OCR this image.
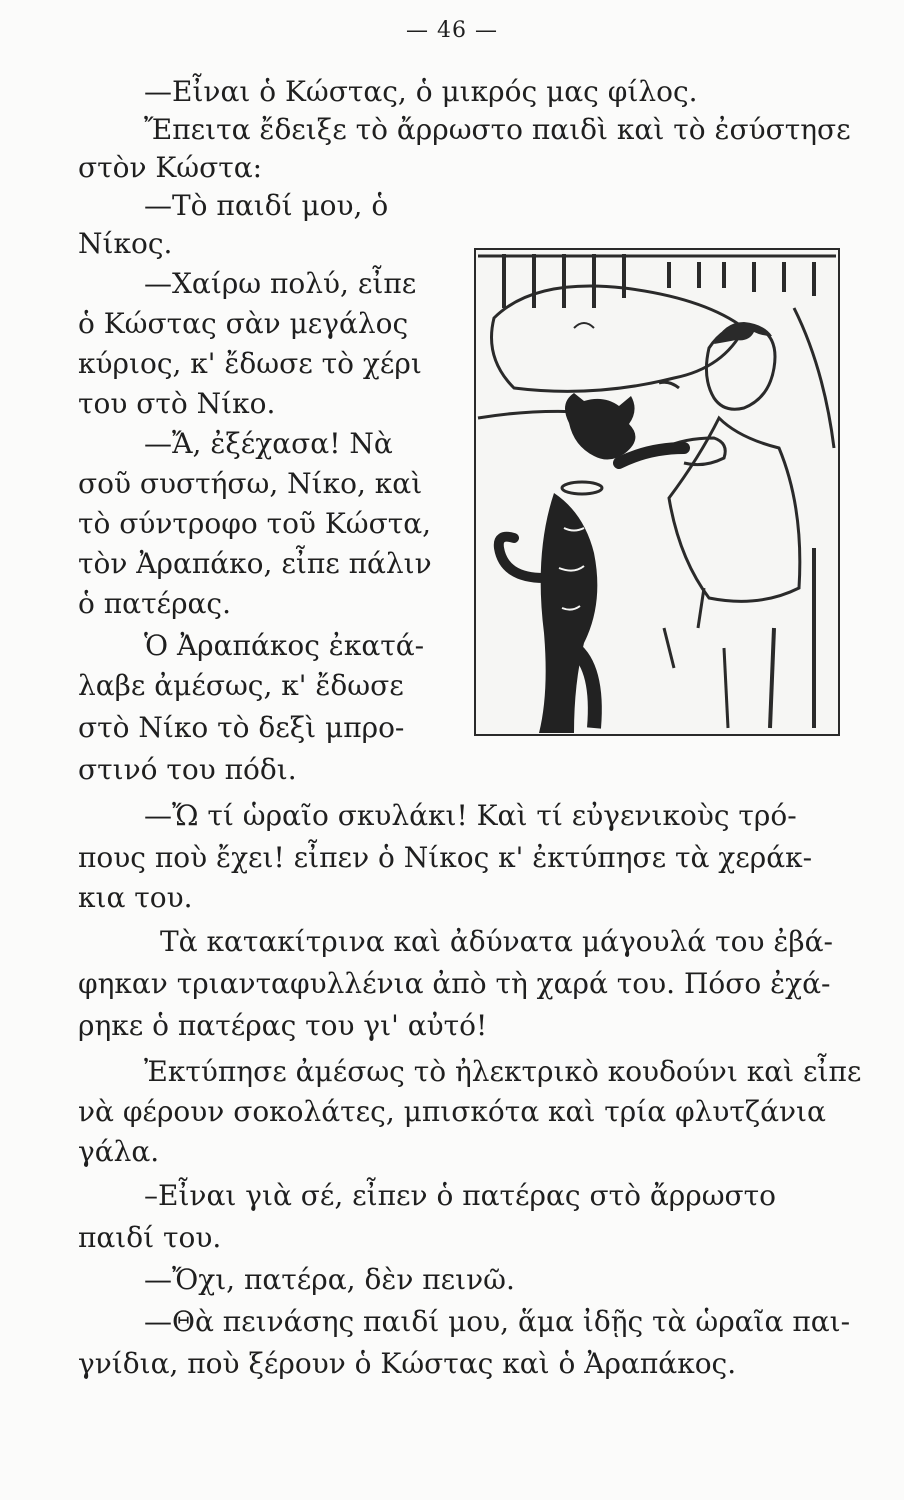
— 46 —
—Εἶναι ὁ Κώστας, ὁ μικρός μας φίλος.
Ἔπειτα ἔδειξε τὸ ἄρρωστο παιδὶ καὶ τὸ ἐσύστησε
στὸν Κώστα:
—Τὸ παιδί μου, ὁ
Νίκος.
—Χαίρω πολύ, εἶπε
ὁ Κώστας σὰν μεγάλος
κύριος, κ' ἔδωσε τὸ χέρι
του στὸ Νίκο.
—Ἄ, ἐξέχασα! Νὰ
σοῦ συστήσω, Νίκο, καὶ
τὸ σύντροφο τοῦ Κώστα,
τὸν Ἀραπάκο, εἶπε πάλιν
ὁ πατέρας.
Ὁ Ἀραπάκος ἐκατά-
λαβε ἀμέσως, κ' ἔδωσε
στὸ Νίκο τὸ δεξὶ μπρο-
στινό του πόδι.
—Ὤ τί ὡραῖο σκυλάκι! Καὶ τί εὐγενικοὺς τρό-
πους ποὺ ἔχει! εἶπεν ὁ Νίκος κ' ἐκτύπησε τὰ χεράκ-
κια του.
Τὰ κατακίτρινα καὶ ἀδύνατα μάγουλά του ἐβά-
φηκαν τριανταφυλλένια ἀπὸ τὴ χαρά του. Πόσο ἐχά-
ρηκε ὁ πατέρας του γι' αὐτό!
Ἐκτύπησε ἀμέσως τὸ ἠλεκτρικὸ κουδούνι καὶ εἶπε
νὰ φέρουν σοκολάτες, μπισκότα καὶ τρία φλυτζάνια
γάλα.
–Εἶναι γιὰ σέ, εἶπεν ὁ πατέρας στὸ ἄρρωστο
παιδί του.
—Ὄχι, πατέρα, δὲν πεινῶ.
—Θὰ πεινάσης παιδί μου, ἅμα ἰδῇς τὰ ὡραῖα παι-
γνίδια, ποὺ ξέρουν ὁ Κώστας καὶ ὁ Ἀραπάκος.
